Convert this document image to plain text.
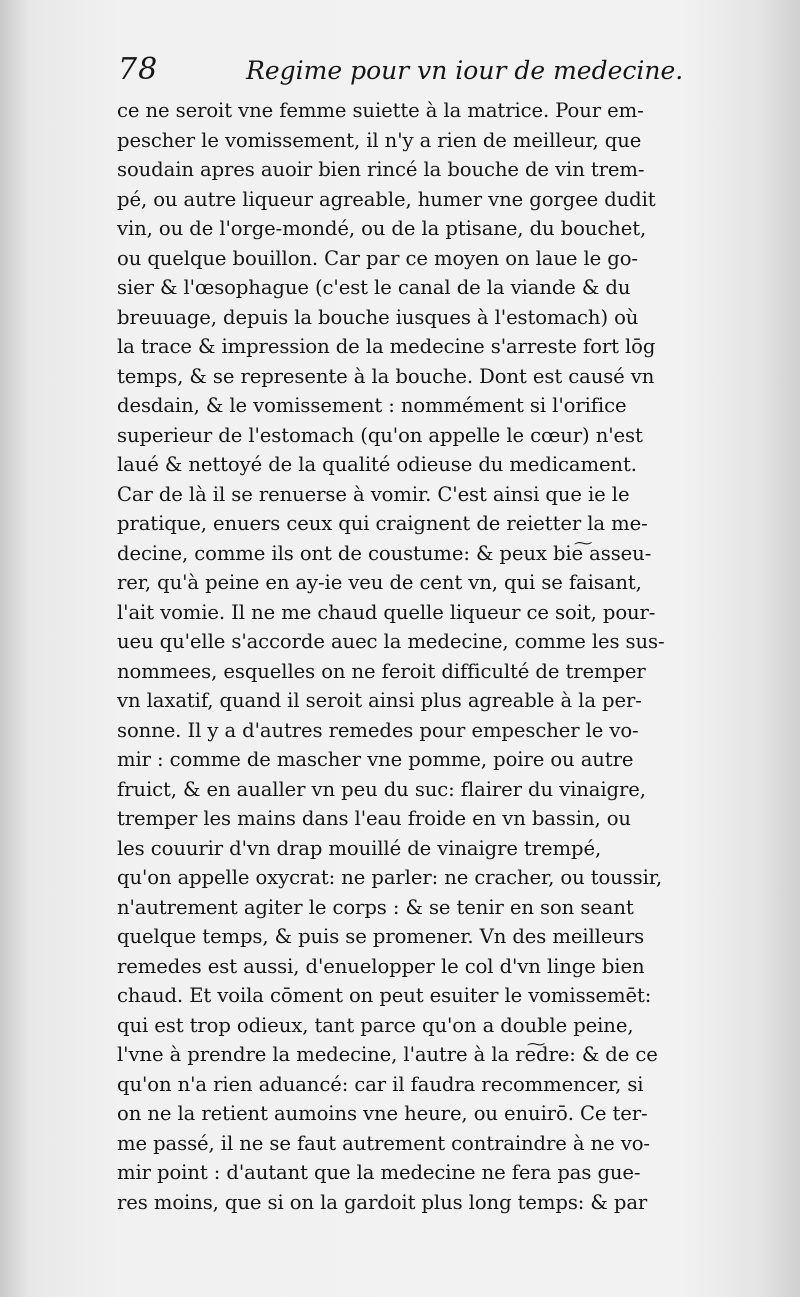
78	Regime pour vn iour de medecine.
ce ne seroit vne femme suiette à la matrice. Pour em-
pescher le vomissement, il n'y a rien de meilleur, que
soudain apres auoir bien rincé la bouche de vin trem-
pé, ou autre liqueur agreable, humer vne gorgee dudit
vin, ou de l'orge-mondé, ou de la ptisane, du bouchet,
ou quelque bouillon. Car par ce moyen on laue le go-
sier & l'œsophague (c'est le canal de la viande & du
breuuage, depuis la bouche iusques à l'estomach) où
la trace & impression de la medecine s'arreste fort lōg
temps, & se represente à la bouche. Dont est causé vn
desdain, & le vomissement : nommément si l'orifice
superieur de l'estomach (qu'on appelle le cœur) n'est
laué & nettoyé de la qualité odieuse du medicament.
Car de là il se renuerse à vomir. C'est ainsi que ie le
pratique, enuers ceux qui craignent de reietter la me-
decine, comme ils ont de coustume: & peux bie͠ asseu-
rer, qu'à peine en ay-ie veu de cent vn, qui se faisant,
l'ait vomie. Il ne me chaud quelle liqueur ce soit, pour-
ueu qu'elle s'accorde auec la medecine, comme les sus-
nommees, esquelles on ne feroit difficulté de tremper
vn laxatif, quand il seroit ainsi plus agreable à la per-
sonne. Il y a d'autres remedes pour empescher le vo-
mir : comme de mascher vne pomme, poire ou autre
fruict, & en aualler vn peu du suc: flairer du vinaigre,
tremper les mains dans l'eau froide en vn bassin, ou
les couurir d'vn drap mouillé de vinaigre trempé,
qu'on appelle oxycrat: ne parler: ne cracher, ou toussir,
n'autrement agiter le corps : & se tenir en son seant
quelque temps, & puis se promener. Vn des meilleurs
remedes est aussi, d'enuelopper le col d'vn linge bien
chaud. Et voila cōment on peut esuiter le vomissemēt:
qui est trop odieux, tant parce qu'on a double peine,
l'vne à prendre la medecine, l'autre à la re͠dre: & de ce
qu'on n'a rien aduancé: car il faudra recommencer, si
on ne la retient aumoins vne heure, ou enuirō. Ce ter-
me passé, il ne se faut autrement contraindre à ne vo-
mir point : d'autant que la medecine ne fera pas gue-
res moins, que si on la gardoit plus long temps: & par
